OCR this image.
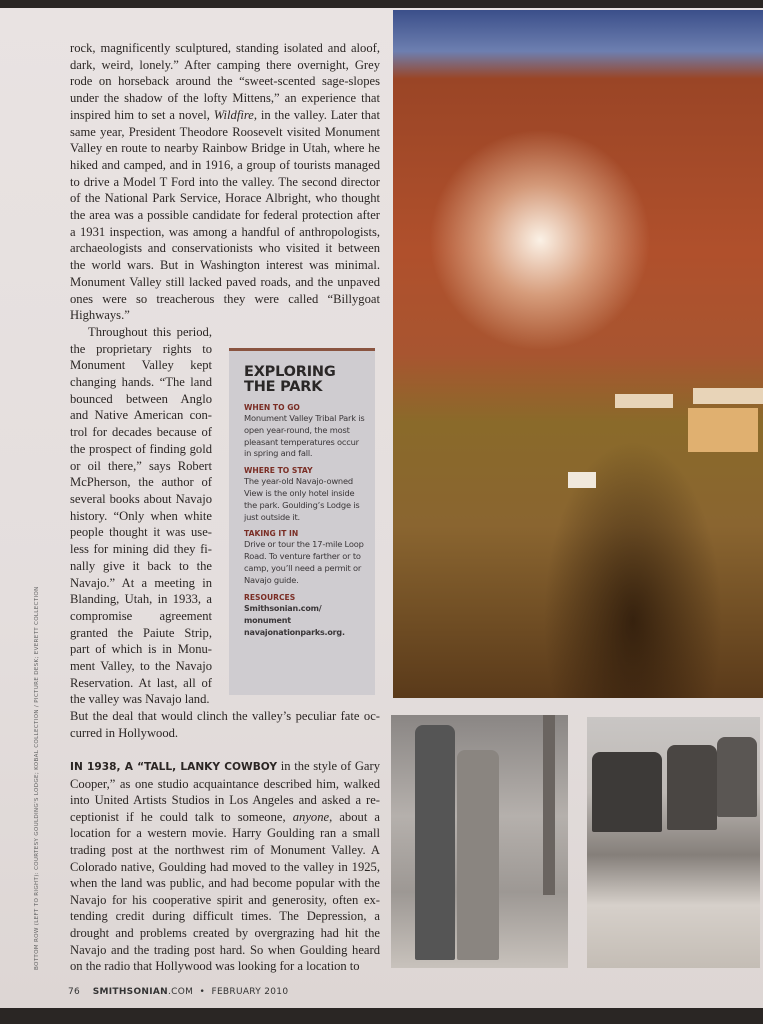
rock, magnificently sculptured, standing isolated and aloof, dark, weird, lonely.” After camping there overnight, Grey rode on horseback around the “sweet-scented sage-slopes under the shadow of the lofty Mittens,” an experience that inspired him to set a novel, Wildfire, in the valley. Later that same year, President Theodore Roosevelt visited Monument Valley en route to nearby Rainbow Bridge in Utah, where he hiked and camped, and in 1916, a group of tourists managed to drive a Model T Ford into the valley. The second director of the National Park Service, Horace Albright, who thought the area was a possible candidate for federal protection after a 1931 inspection, was among a handful of anthropologists, archaeologists and conservationists who visited it between the world wars. But in Washington interest was minimal. Monument Valley still lacked paved roads, and the unpaved ones were so treacherous they were called “Billygoat Highways.”

Throughout this period, the proprietary rights to Monument Valley kept changing hands. “The land bounced between Anglo and Native American control for decades because of the prospect of finding gold or oil there,” says Robert McPherson, the author of several books about Navajo history. “Only when white people thought it was useless for mining did they finally give it back to the Navajo.” At a meeting in Blanding, Utah, in 1933, a compromise agreement granted the Paiute Strip, part of which is in Monument Valley, to the Navajo Reservation. At last, all of the valley was Navajo land.

But the deal that would clinch the valley’s peculiar fate occurred in Hollywood.

EXPLORING THE PARK
WHEN TO GO
Monument Valley Tribal Park is open year-round, the most pleasant temperatures occur in spring and fall.
WHERE TO STAY
The year-old Navajo-owned View is the only hotel inside the park. Goulding’s Lodge is just outside it.
TAKING IT IN
Drive or tour the 17-mile Loop Road. To venture farther or to camp, you’ll need a permit or Navajo guide.
RESOURCES
Smithsonian.com/ monument
navajonationparks.org.

IN 1938, A “TALL, LANKY COWBOY in the style of Gary Cooper,” as one studio acquaintance described him, walked into United Artists Studios in Los Angeles and asked a receptionist if he could talk to someone, anyone, about a location for a western movie. Harry Goulding ran a small trading post at the northwest rim of Monument Valley. A Colorado native, Goulding had moved to the valley in 1925, when the land was public, and had become popular with the Navajo for his cooperative spirit and generosity, often extending credit during difficult times. The Depression, a drought and problems created by overgrazing had hit the Navajo and the trading post hard. So when Goulding heard on the radio that Hollywood was looking for a location to

BOTTOM ROW (LEFT TO RIGHT): COURTESY GOULDING'S LODGE; KOBAL COLLECTION / PICTURE DESK; EVERETT COLLECTION
76 SMITHSONIAN.COM • FEBRUARY 2010
